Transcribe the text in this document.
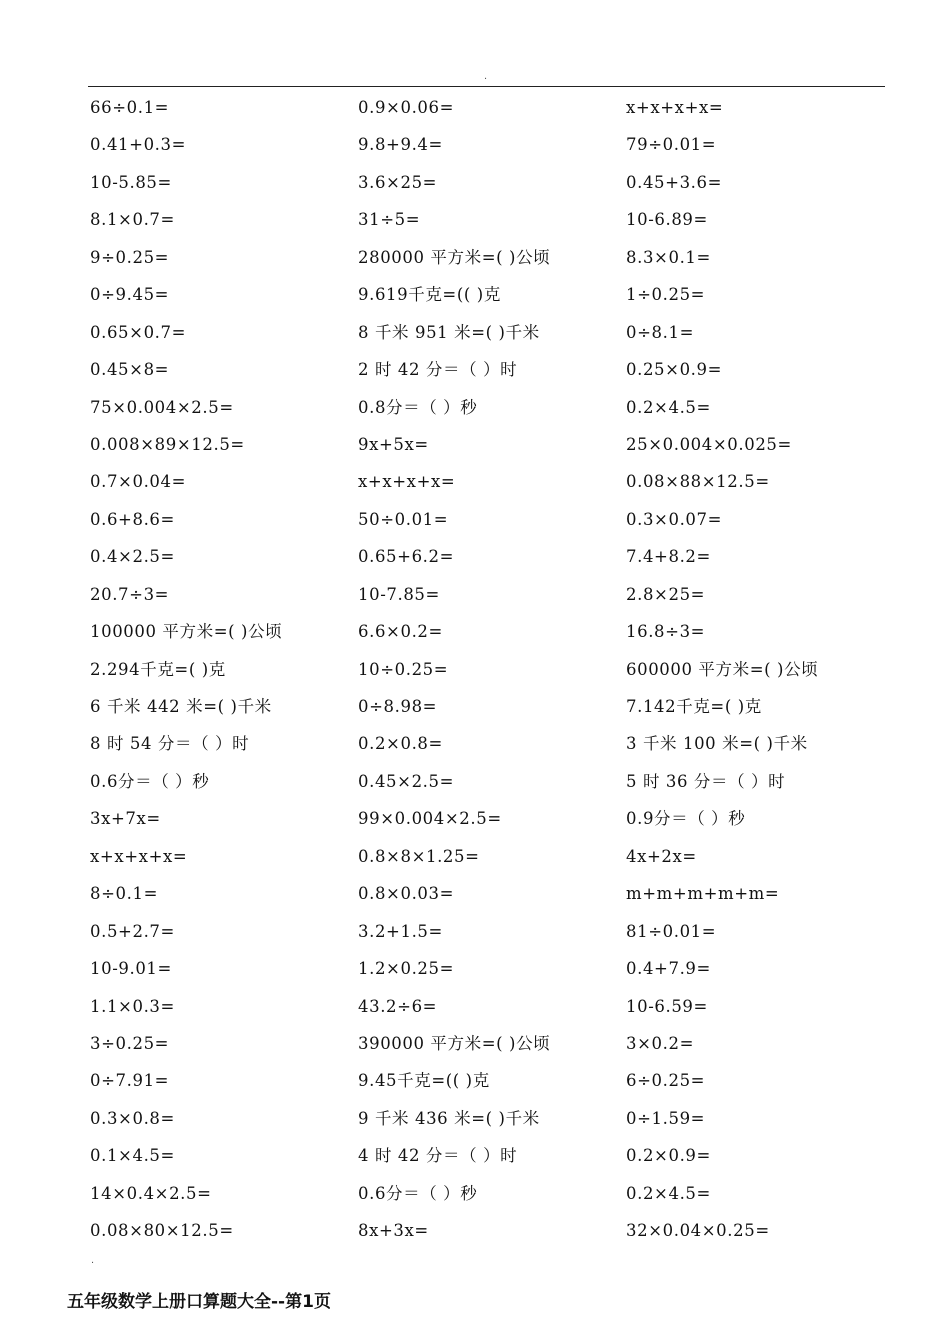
.
66÷0.1=
0.41+0.3=
10-5.85=
8.1×0.7=
9÷0.25=
0÷9.45=
0.65×0.7=
0.45×8=
75×0.004×2.5=
0.008×89×12.5=
0.7×0.04=
0.6+8.6=
0.4×2.5=
20.7÷3=
100000 平方米=( )公顷
2.294千克=( )克
6 千米 442 米=( )千米
8 时 54 分＝（ ）时
0.6分＝（ ）秒
3x+7x=
x+x+x+x=
8÷0.1=
0.5+2.7=
10-9.01=
1.1×0.3=
3÷0.25=
0÷7.91=
0.3×0.8=
0.1×4.5=
14×0.4×2.5=
0.08×80×12.5=
0.9×0.06=
9.8+9.4=
3.6×25=
31÷5=
280000 平方米=( )公顷
9.619千克=(( )克
8 千米 951 米=( )千米
2 时 42 分＝（ ）时
0.8分＝（ ）秒
9x+5x=
x+x+x+x=
50÷0.01=
0.65+6.2=
10-7.85=
6.6×0.2=
10÷0.25=
0÷8.98=
0.2×0.8=
0.45×2.5=
99×0.004×2.5=
0.8×8×1.25=
0.8×0.03=
3.2+1.5=
1.2×0.25=
43.2÷6=
390000 平方米=( )公顷
9.45千克=(( )克
9 千米 436 米=( )千米
4 时 42 分＝（ ）时
0.6分＝（ ）秒
8x+3x=
x+x+x+x=
79÷0.01=
0.45+3.6=
10-6.89=
8.3×0.1=
1÷0.25=
0÷8.1=
0.25×0.9=
0.2×4.5=
25×0.004×0.025=
0.08×88×12.5=
0.3×0.07=
7.4+8.2=
2.8×25=
16.8÷3=
600000 平方米=( )公顷
7.142千克=( )克
3 千米 100 米=( )千米
5 时 36 分＝（ ）时
0.9分＝（ ）秒
4x+2x=
m+m+m+m+m=
81÷0.01=
0.4+7.9=
10-6.59=
3×0.2=
6÷0.25=
0÷1.59=
0.2×0.9=
0.2×4.5=
32×0.04×0.25=
.
五年级数学上册口算题大全--第1页
